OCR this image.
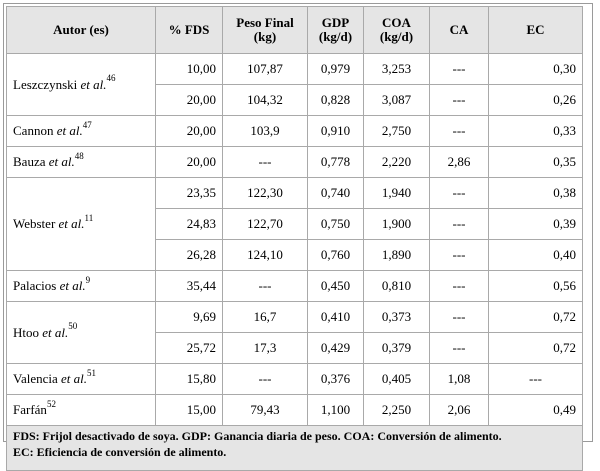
Autor (es)	% FDS	Peso Final (kg)	GDP (kg/d)	COA (kg/d)	CA	EC
Leszczynski et al.$^{46}$	10,00	107,87	0,979	3,253	---	0,30
	20,00	104,32	0,828	3,087	---	0,26
Cannon et al.$^{47}$	20,00	103,9	0,910	2,750	---	0,33
Bauza et al.$^{48}$	20,00	---	0,778	2,220	2,86	0,35
Webster et al.$^{11}$	23,35	122,30	0,740	1,940	---	0,38
	24,83	122,70	0,750	1,900	---	0,39
	26,28	124,10	0,760	1,890	---	0,40
Palacios et al.$^9$	35,44	---	0,450	0,810	---	0,56
Htoo et al.$^{50}$	9,69	16,7	0,410	0,373	---	0,72
	25,72	17,3	0,429	0,379	---	0,72
Valencia et al.$^{51}$	15,80	---	0,376	0,405	1,08	---
Farfán$^{52}$	15,00	79,43	1,100	2,250	2,06	0,49

FDS: Frijol desactivado de soya. GDP: Ganancia diaria de peso. COA: Conversión de alimento.
EC: Eficiencia de conversión de alimento.						
